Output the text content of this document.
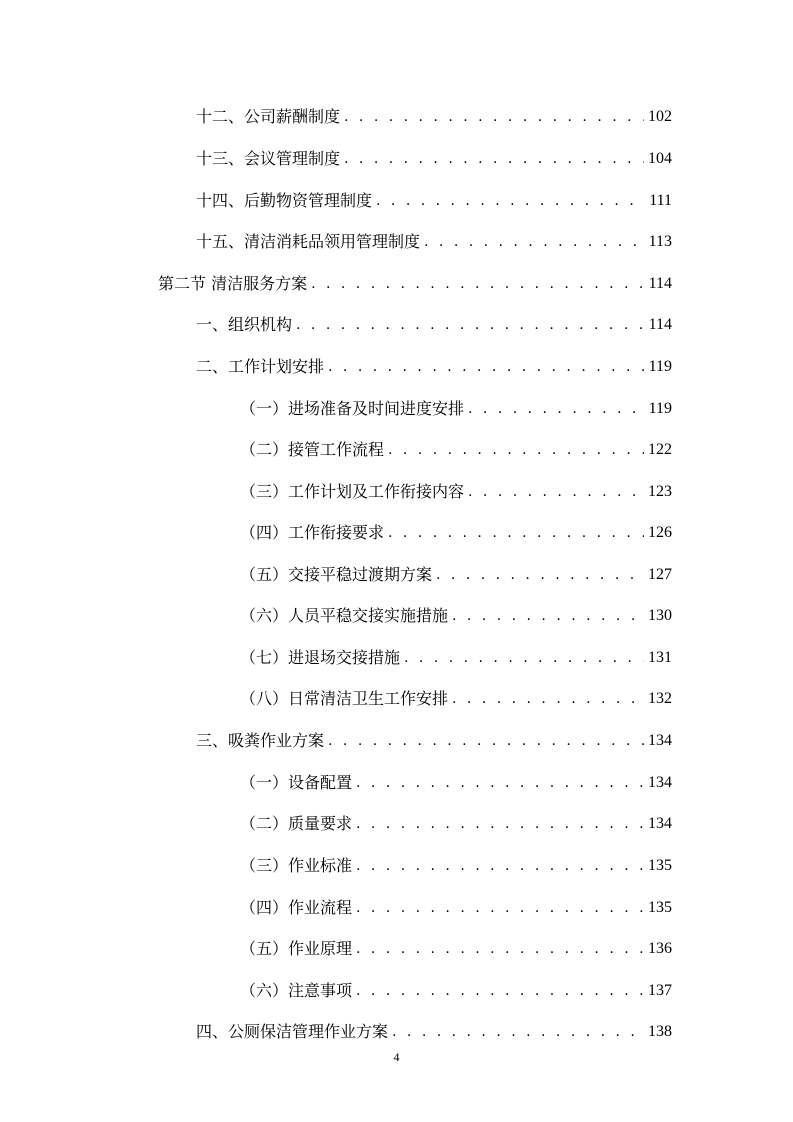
十二、公司薪酬制度 . . .	102
十三、会议管理制度 . . .	104
十四、后勤物资管理制度 . . .	111
十五、清洁消耗品领用管理制度 . . .	113
第二节 清洁服务方案 . . .	114
一、组织机构 . . .	114
二、工作计划安排 . . .	119
（一）进场准备及时间进度安排 . . .	119
（二）接管工作流程 . . .	122
（三）工作计划及工作衔接内容 . . .	123
（四）工作衔接要求 . . .	126
（五）交接平稳过渡期方案 . . .	127
（六）人员平稳交接实施措施 . . .	130
（七）进退场交接措施 . . .	131
（八）日常清洁卫生工作安排 . . .	132
三、吸粪作业方案 . . .	134
（一）设备配置 . . .	134
（二）质量要求 . . .	134
（三）作业标准 . . .	135
（四）作业流程 . . .	135
（五）作业原理 . . .	136
（六）注意事项 . . .	137
四、公厕保洁管理作业方案 . . .	138
4
